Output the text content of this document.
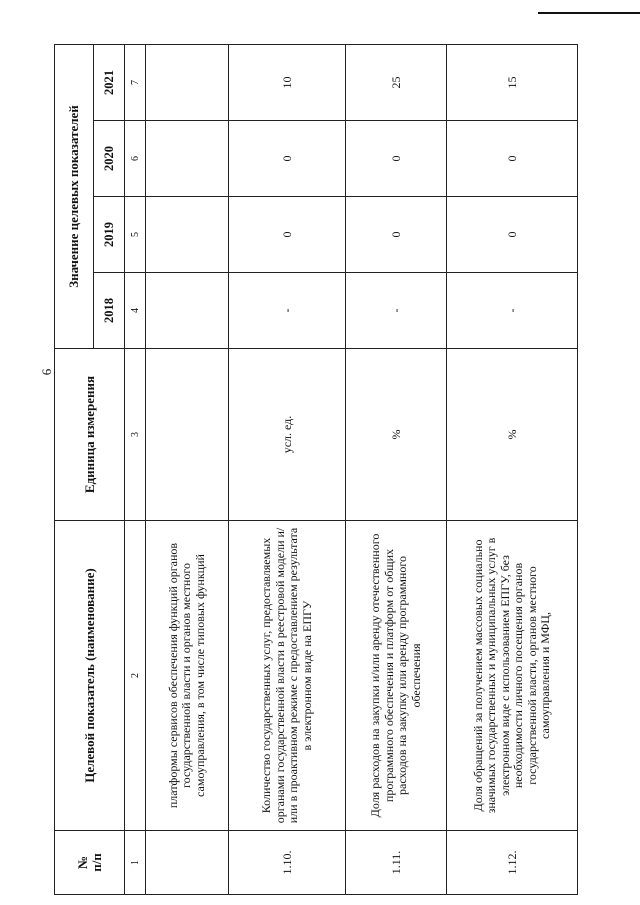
6
№
п/п	Целевой показатель (наименование)	Единица измерения	Значение целевых показателей			
			2018	2019	2020	2021
1	2	3	4	5	6	7
	платформы сервисов обеспечения функций органов государственной власти и органов местного самоуправления, в том числе типовых функций					
1.10.	Количество государственных услуг, предоставляемых органами государственной власти в реестровой модели и/или в проактивном режиме с предоставлением результата в электронном виде на ЕПГУ	усл. ед.	-	0	0	10
1.11.	Доля расходов на закупки и/или аренду отечественного программного обеспечения и платформ от общих расходов на закупку или аренду программного обеспечения	%	-	0	0	25
1.12.	Доля обращений за получением массовых социально значимых государственных и муниципальных услуг в электронном виде с использованием ЕПГУ, без необходимости личного посещения органов государственной власти, органов местного самоуправления и МФЦ,	%	-	0	0	15
